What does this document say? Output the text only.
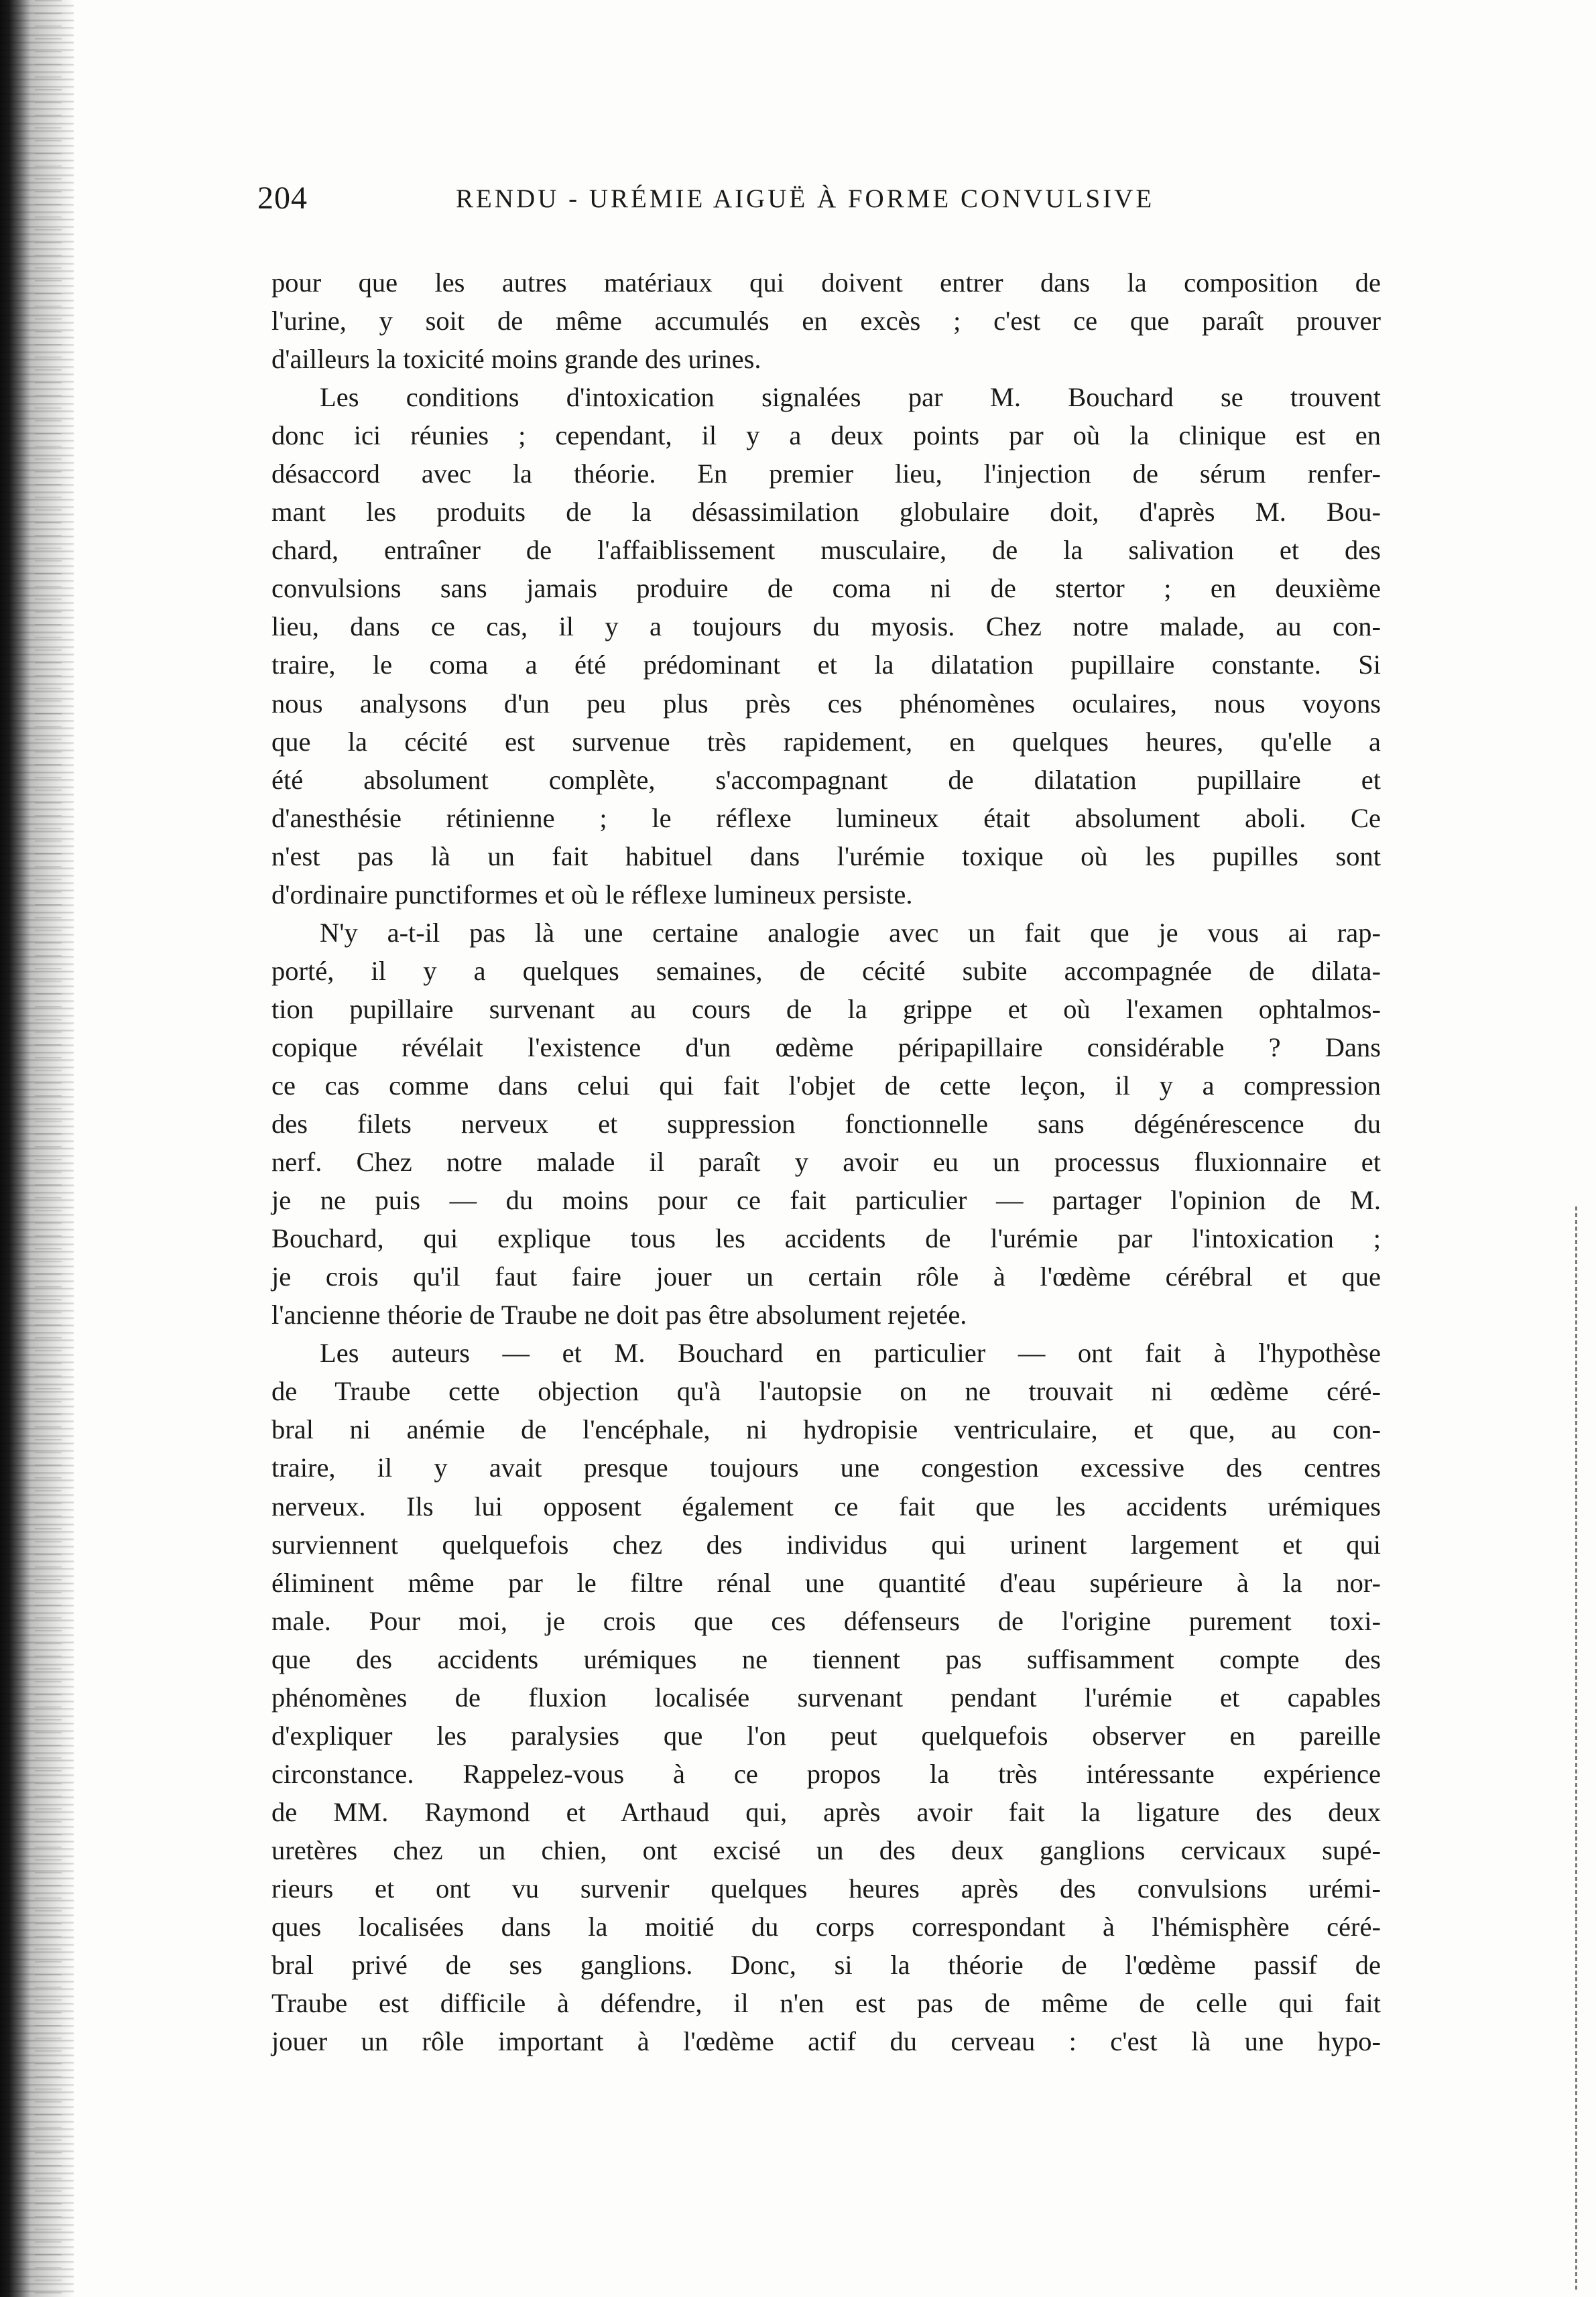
204	RENDU - URÉMIE AIGUË À FORME CONVULSIVE
pour que les autres matériaux qui doivent entrer dans la composition de
l'urine, y soit de même accumulés en excès ; c'est ce que paraît prouver
d'ailleurs la toxicité moins grande des urines.
Les conditions d'intoxication signalées par M. Bouchard se trouvent
donc ici réunies ; cependant, il y a deux points par où la clinique est en
désaccord avec la théorie. En premier lieu, l'injection de sérum renfer-
mant les produits de la désassimilation globulaire doit, d'après M. Bou-
chard, entraîner de l'affaiblissement musculaire, de la salivation et des
convulsions sans jamais produire de coma ni de stertor ; en deuxième
lieu, dans ce cas, il y a toujours du myosis. Chez notre malade, au con-
traire, le coma a été prédominant et la dilatation pupillaire constante. Si
nous analysons d'un peu plus près ces phénomènes oculaires, nous voyons
que la cécité est survenue très rapidement, en quelques heures, qu'elle a
été absolument complète, s'accompagnant de dilatation pupillaire et
d'anesthésie rétinienne ; le réflexe lumineux était absolument aboli. Ce
n'est pas là un fait habituel dans l'urémie toxique où les pupilles sont
d'ordinaire punctiformes et où le réflexe lumineux persiste.
N'y a-t-il pas là une certaine analogie avec un fait que je vous ai rap-
porté, il y a quelques semaines, de cécité subite accompagnée de dilata-
tion pupillaire survenant au cours de la grippe et où l'examen ophtalmos-
copique révélait l'existence d'un œdème péripapillaire considérable ? Dans
ce cas comme dans celui qui fait l'objet de cette leçon, il y a compression
des filets nerveux et suppression fonctionnelle sans dégénérescence du
nerf. Chez notre malade il paraît y avoir eu un processus fluxionnaire et
je ne puis — du moins pour ce fait particulier — partager l'opinion de M.
Bouchard, qui explique tous les accidents de l'urémie par l'intoxication ;
je crois qu'il faut faire jouer un certain rôle à l'œdème cérébral et que
l'ancienne théorie de Traube ne doit pas être absolument rejetée.
Les auteurs — et M. Bouchard en particulier — ont fait à l'hypothèse
de Traube cette objection qu'à l'autopsie on ne trouvait ni œdème céré-
bral ni anémie de l'encéphale, ni hydropisie ventriculaire, et que, au con-
traire, il y avait presque toujours une congestion excessive des centres
nerveux. Ils lui opposent également ce fait que les accidents urémiques
surviennent quelquefois chez des individus qui urinent largement et qui
éliminent même par le filtre rénal une quantité d'eau supérieure à la nor-
male. Pour moi, je crois que ces défenseurs de l'origine purement toxi-
que des accidents urémiques ne tiennent pas suffisamment compte des
phénomènes de fluxion localisée survenant pendant l'urémie et capables
d'expliquer les paralysies que l'on peut quelquefois observer en pareille
circonstance. Rappelez-vous à ce propos la très intéressante expérience
de MM. Raymond et Arthaud qui, après avoir fait la ligature des deux
uretères chez un chien, ont excisé un des deux ganglions cervicaux supé-
rieurs et ont vu survenir quelques heures après des convulsions urémi-
ques localisées dans la moitié du corps correspondant à l'hémisphère céré-
bral privé de ses ganglions. Donc, si la théorie de l'œdème passif de
Traube est difficile à défendre, il n'en est pas de même de celle qui fait
jouer un rôle important à l'œdème actif du cerveau : c'est là une hypo-
